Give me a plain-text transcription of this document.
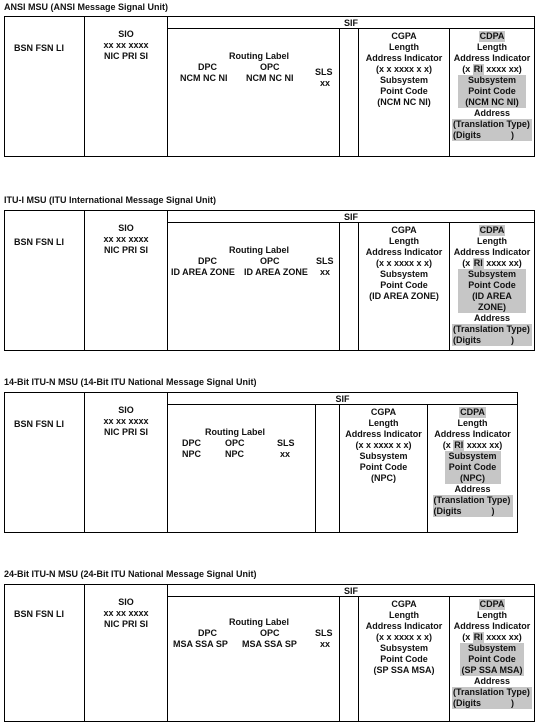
ANSI MSU (ANSI Message Signal Unit)
BSN FSN LI
SIO
xx xx xxxx
NIC PRI SI
SIF
Routing Label
DPC	OPC	SLS
NCM NC NI NCM NC NI	xx
CGPA
Length
Address Indicator
(x x xxxx x x)
Subsystem
Point Code
(NCM NC NI)
CDPA
Length
Address Indicator
(x RI xxxx xx)
Subsystem
Point Code
(NCM NC NI)
Address
(Translation Type)
(Digits            )
ITU-I MSU (ITU International Message Signal Unit)
BSN FSN LI
SIO
xx xx xxxx
NIC PRI SI
SIF
Routing Label
DPC	OPC	SLS
ID AREA ZONE ID AREA ZONE xx
CGPA
Length
Address Indicator
(x x xxxx x x)
Subsystem
Point Code
(ID AREA ZONE)
CDPA
Length
Address Indicator
(x RI xxxx xx)
Subsystem
Point Code
(ID AREA ZONE)
Address
(Translation Type)
(Digits            )
14-Bit ITU-N MSU (14-Bit ITU National Message Signal Unit)
BSN FSN LI
SIO
xx xx xxxx
NIC PRI SI
SIF
Routing Label
DPC	OPC	SLS
NPC	NPC	xx
CGPA
Length
Address Indicator
(x x xxxx x x)
Subsystem
Point Code
(NPC)
CDPA
Length
Address Indicator
(x RI xxxx xx)
Subsystem
Point Code
(NPC)
Address
(Translation Type)
(Digits            )
24-Bit ITU-N MSU (24-Bit ITU National Message Signal Unit)
BSN FSN LI
SIO
xx xx xxxx
NIC PRI SI
SIF
Routing Label
DPC	OPC	SLS
MSA SSA SP MSA SSA SP	xx
CGPA
Length
Address Indicator
(x x xxxx x x)
Subsystem
Point Code
(SP SSA MSA)
CDPA
Length
Address Indicator
(x RI xxxx xx)
Subsystem
Point Code
(SP SSA MSA)
Address
(Translation Type)
(Digits            )
